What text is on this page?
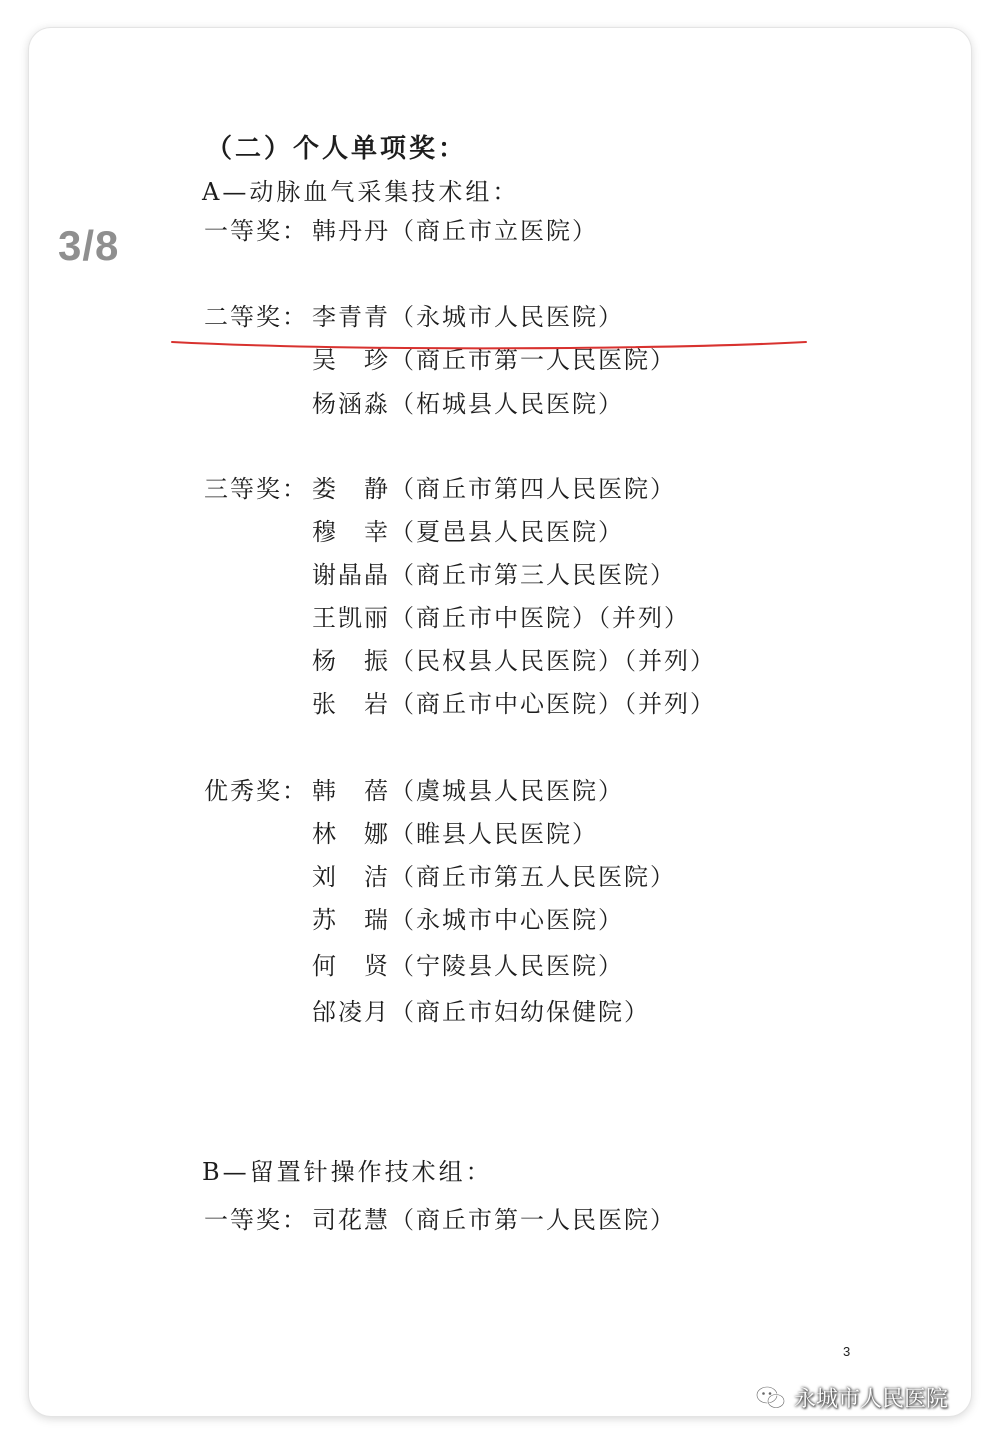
3/8
（二）个人单项奖：
A—动脉血气采集技术组：
一等奖： 韩丹丹（商丘市立医院）
二等奖： 李青青（永城市人民医院）
吴　珍（商丘市第一人民医院）
杨涵淼（柘城县人民医院）
三等奖： 娄　静（商丘市第四人民医院）
穆　幸（夏邑县人民医院）
谢晶晶（商丘市第三人民医院）
王凯丽（商丘市中医院）（并列）
杨　振（民权县人民医院）（并列）
张　岩（商丘市中心医院）（并列）
优秀奖： 韩　蓓（虞城县人民医院）
林　娜（睢县人民医院）
刘　洁（商丘市第五人民医院）
苏　瑞（永城市中心医院）
何　贤（宁陵县人民医院）
邰凌月（商丘市妇幼保健院）
B—留置针操作技术组：
一等奖： 司花慧（商丘市第一人民医院）
3
永城市人民医院
